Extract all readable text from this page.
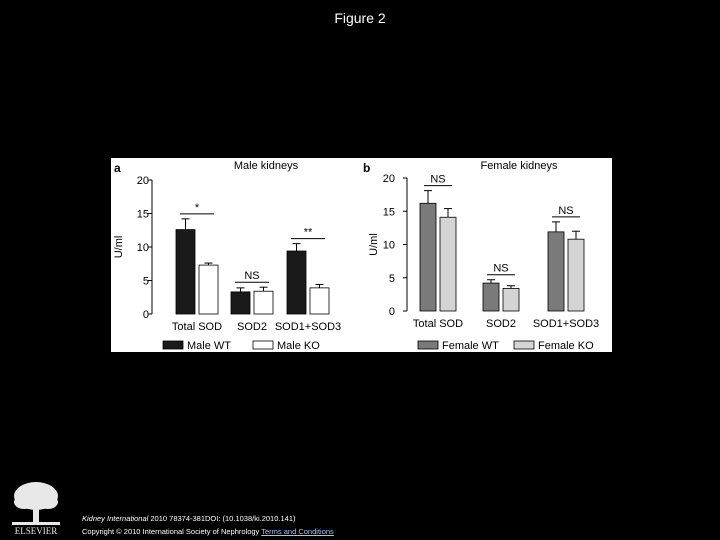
Figure 2
a	Male kidneys
0
5
10
15
20
U/ml
*
Total SOD
NS
SOD2
**
SOD1+SOD3
Male WT	Male KO
b	Female kidneys
0
5
10
15
20
U/ml
NS
Total SOD
NS
SOD2
NS
SOD1+SOD3
Female WT	Female KO
ELSEVIER
Kidney International 2010 78374-381DOI: (10.1038/ki.2010.141)
Copyright © 2010 International Society of Nephrology Terms and Conditions
